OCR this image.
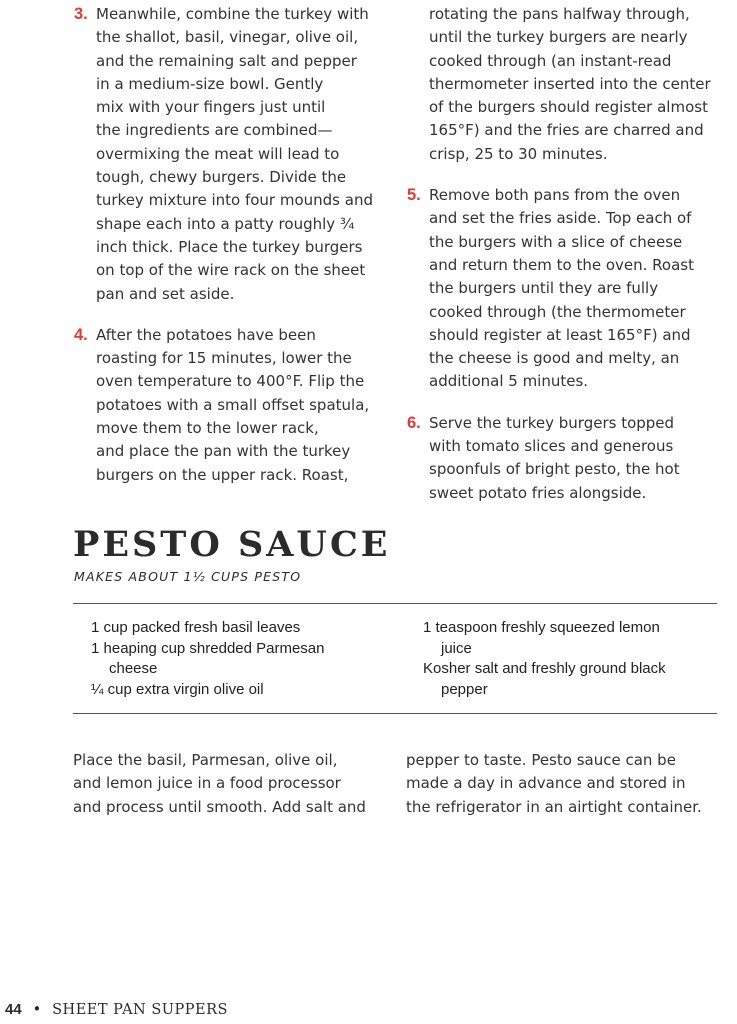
3. Meanwhile, combine the turkey with
the shallot, basil, vinegar, olive oil,
and the remaining salt and pepper
in a medium-size bowl. Gently
mix with your fingers just until
the ingredients are combined—
overmixing the meat will lead to
tough, chewy burgers. Divide the
turkey mixture into four mounds and
shape each into a patty roughly ¾
inch thick. Place the turkey burgers
on top of the wire rack on the sheet
pan and set aside.
4. After the potatoes have been
roasting for 15 minutes, lower the
oven temperature to 400°F. Flip the
potatoes with a small offset spatula,
move them to the lower rack,
and place the pan with the turkey
burgers on the upper rack. Roast,
rotating the pans halfway through,
until the turkey burgers are nearly
cooked through (an instant-read
thermometer inserted into the center
of the burgers should register almost
165°F) and the fries are charred and
crisp, 25 to 30 minutes.
5. Remove both pans from the oven
and set the fries aside. Top each of
the burgers with a slice of cheese
and return them to the oven. Roast
the burgers until they are fully
cooked through (the thermometer
should register at least 165°F) and
the cheese is good and melty, an
additional 5 minutes.
6. Serve the turkey burgers topped
with tomato slices and generous
spoonfuls of bright pesto, the hot
sweet potato fries alongside.
PESTO SAUCE
MAKES ABOUT 1½ CUPS PESTO
1 cup packed fresh basil leaves
1 heaping cup shredded Parmesan
cheese
¼ cup extra virgin olive oil
1 teaspoon freshly squeezed lemon
juice
Kosher salt and freshly ground black
pepper
Place the basil, Parmesan, olive oil,
and lemon juice in a food processor
and process until smooth. Add salt and
pepper to taste. Pesto sauce can be
made a day in advance and stored in
the refrigerator in an airtight container.
44 • SHEET PAN SUPPERS
